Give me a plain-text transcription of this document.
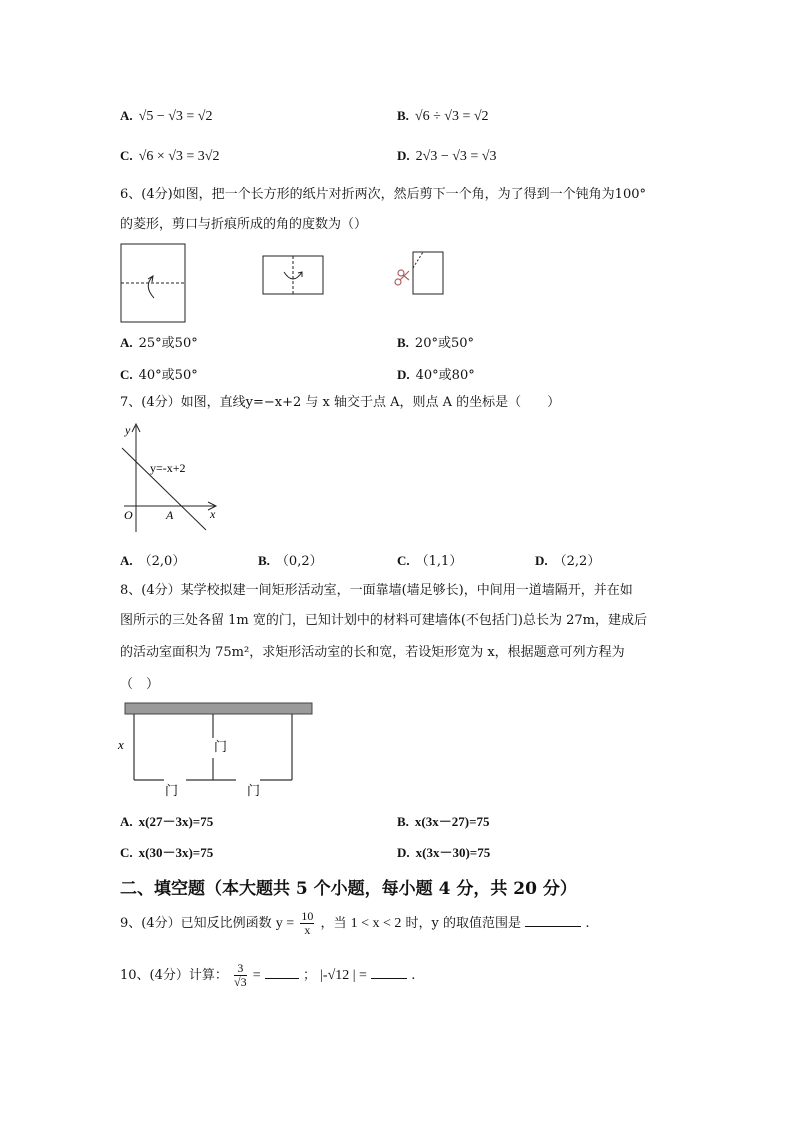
A. √5 − √3 = √2	B. √6 ÷ √3 = √2
C. √6 × √3 = 3√2	D. 2√3 − √3 = √3
6、(4分)如图，把一个长方形的纸片对折两次，然后剪下一个角，为了得到一个钝角为100°
的菱形，剪口与折痕所成的角的度数为（）
A. 25°或50°	B. 20°或50°
C. 40°或50°	D. 40°或80°
7、(4分）如图，直线y=−x+2 与 x 轴交于点 A，则点 A 的坐标是（　　）
y
x
O	A
y=-x+2
A. （2,0）	B. （0,2）	C. （1,1）	D. （2,2）
8、(4分）某学校拟建一间矩形活动室，一面靠墙(墙足够长)，中间用一道墙隔开，并在如
图所示的三处各留 1m 宽的门，已知计划中的材料可建墙体(不包括门)总长为 27m，建成后
的活动室面积为 75m²，求矩形活动室的长和宽，若设矩形宽为 x，根据题意可列方程为
（　）
x	门
门	门
A. x(27－3x)=75	B. x(3x－27)=75
C. x(30－3x)=75	D. x(3x－30)=75
二、填空题（本大题共 5 个小题，每小题 4 分，共 20 分）
9、(4分）已知反比例函数 $y = \frac{10}{x}$ ，当 1 < x < 2 时，y 的取值范围是	.
10、(4分）计算： $\frac{3}{√3}$ =	； |-√12 | =	.
